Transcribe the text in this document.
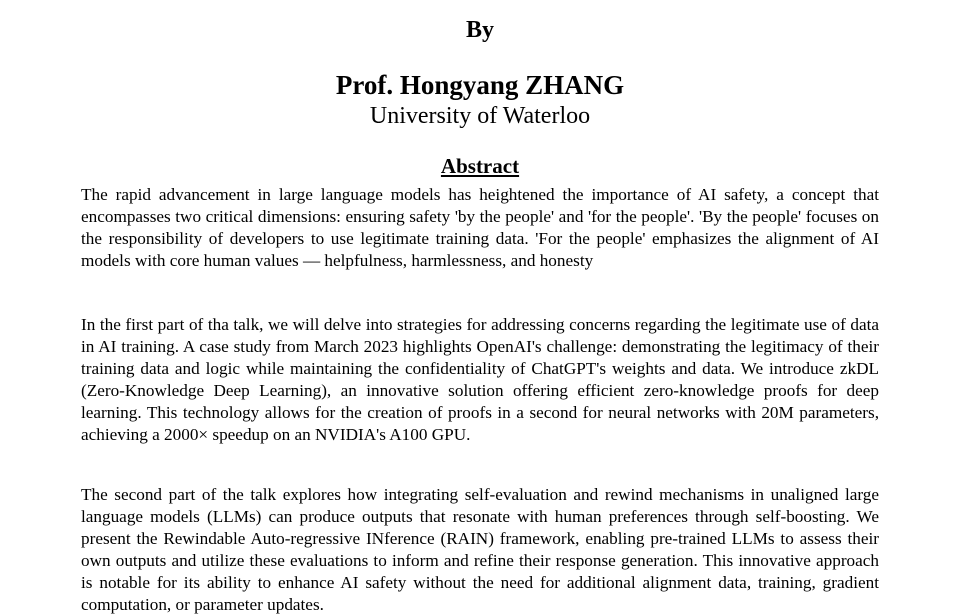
By
Prof. Hongyang ZHANG
University of Waterloo
Abstract

The rapid advancement in large language models has heightened the importance of AI safety, a concept that encompasses two critical dimensions: ensuring safety 'by the people' and 'for the people'. 'By the people' focuses on the responsibility of developers to use legitimate training data. 'For the people' emphasizes the alignment of AI models with core human values — helpfulness, harmlessness, and honesty

In the first part of tha talk, we will delve into strategies for addressing concerns regarding the legitimate use of data in AI training. A case study from March 2023 highlights OpenAI's challenge: demonstrating the legitimacy of their training data and logic while maintaining the confidentiality of ChatGPT's weights and data. We introduce zkDL (Zero-Knowledge Deep Learning), an innovative solution offering efficient zero-knowledge proofs for deep learning. This technology allows for the creation of proofs in a second for neural networks with 20M parameters, achieving a 2000× speedup on an NVIDIA's A100 GPU.

The second part of the talk explores how integrating self-evaluation and rewind mechanisms in unaligned large language models (LLMs) can produce outputs that resonate with human preferences through self-boosting. We present the Rewindable Auto-regressive INference (RAIN) framework, enabling pre-trained LLMs to assess their own outputs and utilize these evaluations to inform and refine their response generation. This innovative approach is notable for its ability to enhance AI safety without the need for additional alignment data, training, gradient computation, or parameter updates.
